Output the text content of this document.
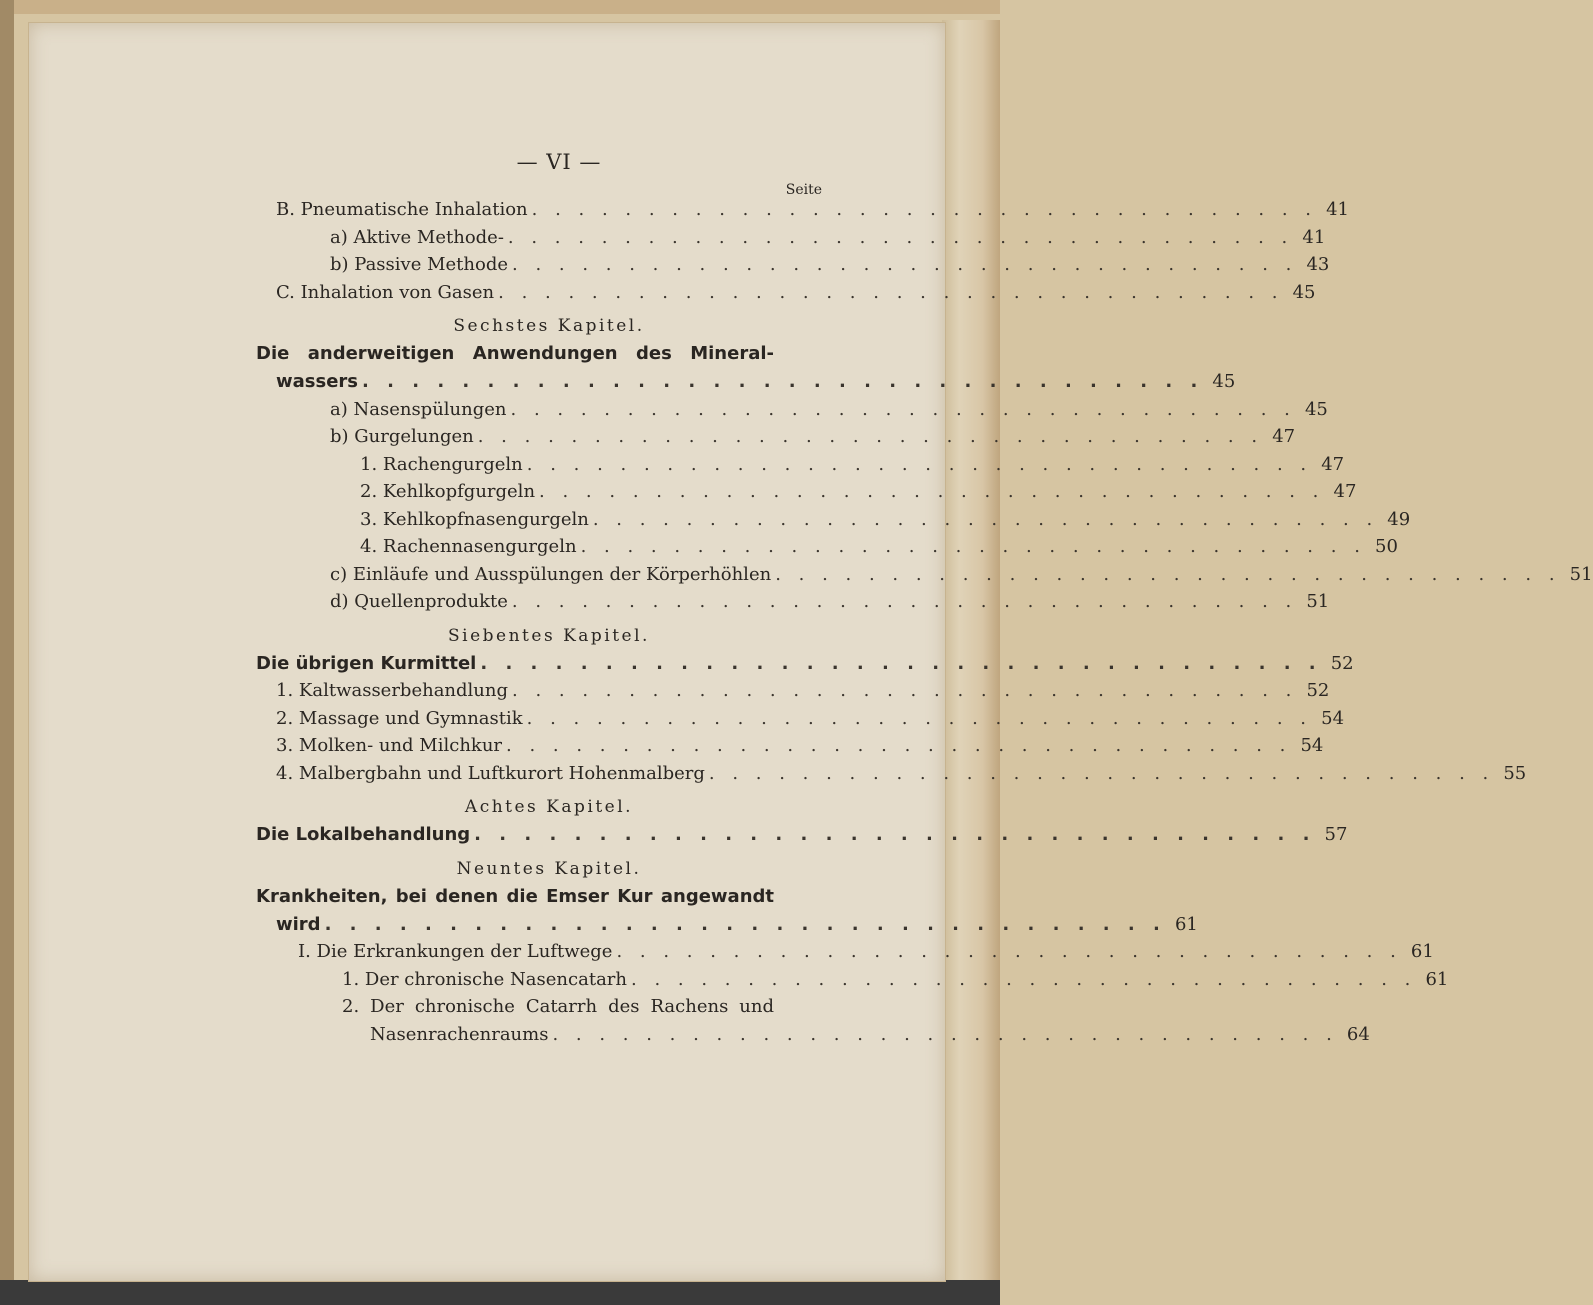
— VI —
Seite
B. Pneumatische Inhalation . . . . . . . . . . . . . . . . . . . . . . . . . . . . . . . . . . 41
a) Aktive Methode- . . . . . . . . . . . . . . . . . . . . . . . . . . . . . . . . . . 41
b) Passive Methode . . . . . . . . . . . . . . . . . . . . . . . . . . . . . . . . . . 43
C. Inhalation von Gasen . . . . . . . . . . . . . . . . . . . . . . . . . . . . . . . . . . 45
Sechstes Kapitel.
Die anderweitigen Anwendungen des Mineral-
wassers . . . . . . . . . . . . . . . . . . . . . . . . . . . . . . . . . . 45
a) Nasenspülungen . . . . . . . . . . . . . . . . . . . . . . . . . . . . . . . . . . 45
b) Gurgelungen . . . . . . . . . . . . . . . . . . . . . . . . . . . . . . . . . . 47
1. Rachengurgeln . . . . . . . . . . . . . . . . . . . . . . . . . . . . . . . . . . 47
2. Kehlkopfgurgeln . . . . . . . . . . . . . . . . . . . . . . . . . . . . . . . . . . 47
3. Kehlkopfnasengurgeln . . . . . . . . . . . . . . . . . . . . . . . . . . . . . . . . . . 49
4. Rachennasengurgeln . . . . . . . . . . . . . . . . . . . . . . . . . . . . . . . . . . 50
c) Einläufe und Ausspülungen der Körperhöhlen . . . . . . . . . . . . . . . . . . . . . . . . . . . . . . . . . . 51
d) Quellenprodukte . . . . . . . . . . . . . . . . . . . . . . . . . . . . . . . . . . 51
Siebentes Kapitel.
Die übrigen Kurmittel . . . . . . . . . . . . . . . . . . . . . . . . . . . . . . . . . . 52
1. Kaltwasserbehandlung . . . . . . . . . . . . . . . . . . . . . . . . . . . . . . . . . . 52
2. Massage und Gymnastik . . . . . . . . . . . . . . . . . . . . . . . . . . . . . . . . . . 54
3. Molken- und Milchkur . . . . . . . . . . . . . . . . . . . . . . . . . . . . . . . . . . 54
4. Malbergbahn und Luftkurort Hohenmalberg . . . . . . . . . . . . . . . . . . . . . . . . . . . . . . . . . . 55
Achtes Kapitel.
Die Lokalbehandlung . . . . . . . . . . . . . . . . . . . . . . . . . . . . . . . . . . 57
Neuntes Kapitel.
Krankheiten, bei denen die Emser Kur angewandt
wird . . . . . . . . . . . . . . . . . . . . . . . . . . . . . . . . . . 61
I. Die Erkrankungen der Luftwege . . . . . . . . . . . . . . . . . . . . . . . . . . . . . . . . . . 61
1. Der chronische Nasencatarh . . . . . . . . . . . . . . . . . . . . . . . . . . . . . . . . . . 61
2. Der chronische Catarrh des Rachens und
Nasenrachenraums . . . . . . . . . . . . . . . . . . . . . . . . . . . . . . . . . . 64
